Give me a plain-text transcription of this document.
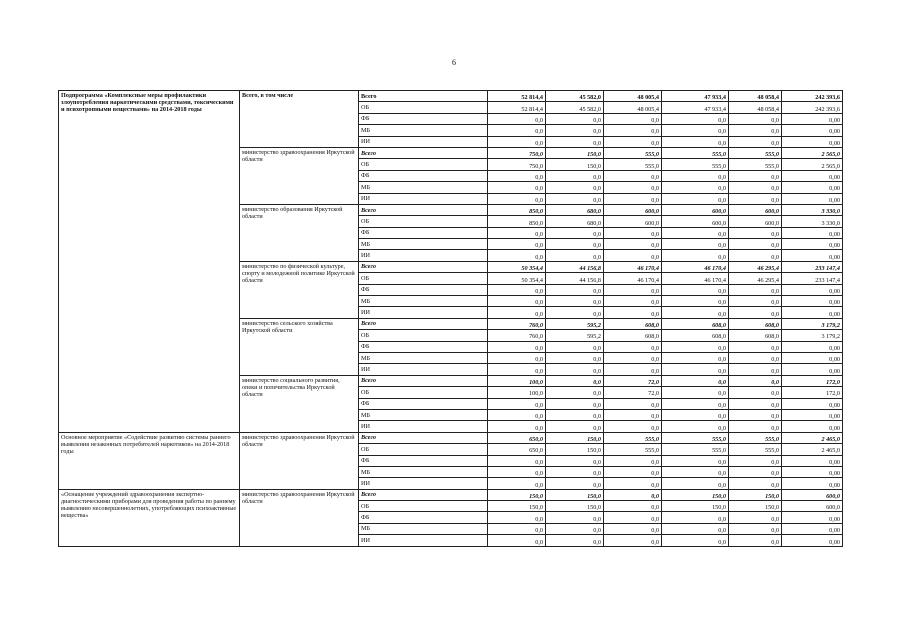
6
Подпрограмма «Комплексные меры профилактики злоупотребления наркотическими средствами, токсическими и психотропными веществами» на 2014-2018 годы	Всего, в том числе	Всего	52 814,4	45 582,0	48 005,4	47 933,4	48 058,4	242 393,6
		ОБ	52 814,4	45 582,0	48 005,4	47 933,4	48 058,4	242 393,6
		ФБ	0,0	0,0	0,0	0,0	0,0	0,00
		МБ	0,0	0,0	0,0	0,0	0,0	0,00
		ИИ	0,0	0,0	0,0	0,0	0,0	0,00
	министерство здравоохранения Иркутской области	Всего	750,0	150,0	555,0	555,0	555,0	2 565,0
		ОБ	750,0	150,0	555,0	555,0	555,0	2 565,0
		ФБ	0,0	0,0	0,0	0,0	0,0	0,00
		МБ	0,0	0,0	0,0	0,0	0,0	0,00
		ИИ	0,0	0,0	0,0	0,0	0,0	0,00
	министерство образования Иркутской области	Всего	850,0	680,0	600,0	600,0	600,0	3 330,0
		ОБ	850,0	680,0	600,0	600,0	600,0	3 330,0
		ФБ	0,0	0,0	0,0	0,0	0,0	0,00
		МБ	0,0	0,0	0,0	0,0	0,0	0,00
		ИИ	0,0	0,0	0,0	0,0	0,0	0,00
	министерство по физической культуре, спорту и молодежной политике Иркутской области	Всего	50 354,4	44 156,8	46 170,4	46 170,4	46 295,4	233 147,4
		ОБ	50 354,4	44 156,8	46 170,4	46 170,4	46 295,4	233 147,4
		ФБ	0,0	0,0	0,0	0,0	0,0	0,00
		МБ	0,0	0,0	0,0	0,0	0,0	0,00
		ИИ	0,0	0,0	0,0	0,0	0,0	0,00
	министерство сельского хозяйства Иркутской области	Всего	760,0	595,2	608,0	608,0	608,0	3 179,2
		ОБ	760,0	595,2	608,0	608,0	608,0	3 179,2
		ФБ	0,0	0,0	0,0	0,0	0,0	0,00
		МБ	0,0	0,0	0,0	0,0	0,0	0,00
		ИИ	0,0	0,0	0,0	0,0	0,0	0,00
	министерство социального развития, опеки и попечительства Иркутской области	Всего	100,0	0,0	72,0	0,0	0,0	172,0
		ОБ	100,0	0,0	72,0	0,0	0,0	172,0
		ФБ	0,0	0,0	0,0	0,0	0,0	0,00
		МБ	0,0	0,0	0,0	0,0	0,0	0,00
		ИИ	0,0	0,0	0,0	0,0	0,0	0,00
Основное мероприятие «Содействие развитию системы раннего выявления незаконных потребителей наркотиков» на 2014-2018 годы	министерство здравоохранения Иркутской области	Всего	650,0	150,0	555,0	555,0	555,0	2 465,0
		ОБ	650,0	150,0	555,0	555,0	555,0	2 465,0
		ФБ	0,0	0,0	0,0	0,0	0,0	0,00
		МБ	0,0	0,0	0,0	0,0	0,0	0,00
		ИИ	0,0	0,0	0,0	0,0	0,0	0,00
«Оснащение учреждений здравоохранения экспертно-диагностическими приборами для проведения работы по раннему выявлению несовершеннолетних, употребляющих психоактивные вещества»	министерство здравоохранения Иркутской области	Всего	150,0	150,0	0,0	150,0	150,0	600,0
		ОБ	150,0	150,0	0,0	150,0	150,0	600,0
		ФБ	0,0	0,0	0,0	0,0	0,0	0,00
		МБ	0,0	0,0	0,0	0,0	0,0	0,00
		ИИ	0,0	0,0	0,0	0,0	0,0	0,00
